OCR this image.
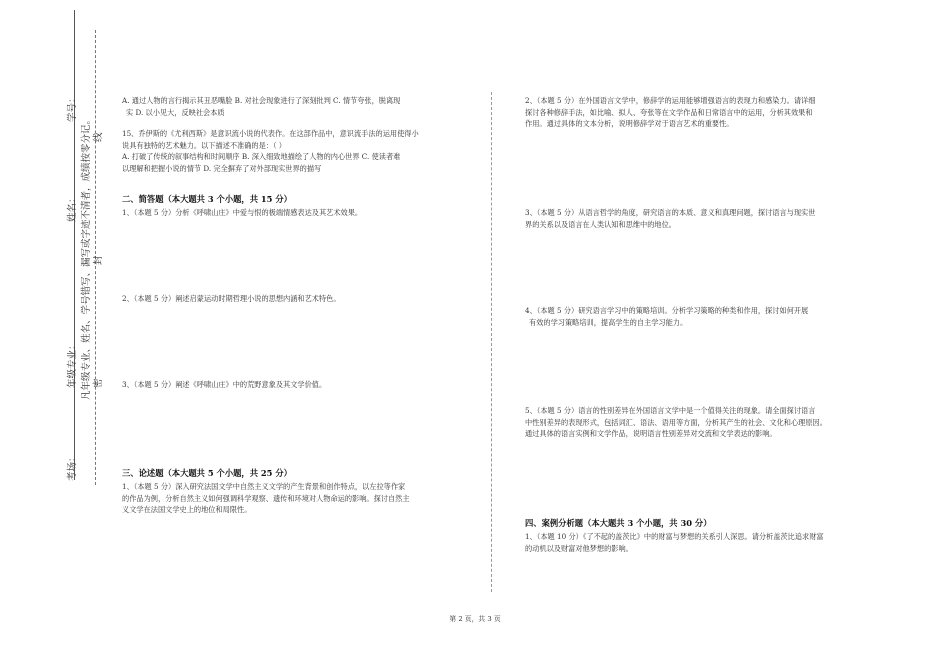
学号：
姓名：
年级专业：
考场：
凡年级专业、姓名、学号错写、漏写或字迹不清者，成绩按零分记。 线
封
密

A. 通过人物的言行揭示其丑恶嘴脸 B. 对社会现象进行了深刻批判 C. 情节夸张，脱离现

实 D. 以小见大，反映社会本质

15、乔伊斯的《尤利西斯》是意识流小说的代表作。在这部作品中，意识流手法的运用使得小

说具有独特的艺术魅力。以下描述不准确的是：（ ）

A. 打破了传统的叙事结构和时间顺序 B. 深入细致地描绘了人物的内心世界 C. 使读者难

以理解和把握小说的情节 D. 完全摒弃了对外部现实世界的描写

二、简答题（本大题共 3 个小题，共 15 分）
1、（本题 5 分）分析《呼啸山庄》中爱与恨的极端情感表达及其艺术效果。
2、（本题 5 分）阐述启蒙运动时期哲理小说的思想内涵和艺术特色。
3、（本题 5 分）阐述《呼啸山庄》中的荒野意象及其文学价值。
三、论述题（本大题共 5 个小题，共 25 分）

1、（本题 5 分）深入研究法国文学中自然主义文学的产生背景和创作特点，以左拉等作家

的作品为例，分析自然主义如何强调科学观察、遗传和环境对人物命运的影响。探讨自然主

义文学在法国文学史上的地位和局限性。

2、（本题 5 分）在外国语言文学中，修辞学的运用能够增强语言的表现力和感染力。请详细

探讨各种修辞手法，如比喻、拟人、夸张等在文学作品和日常语言中的运用，分析其效果和

作用。通过具体的文本分析，说明修辞学对于语言艺术的重要性。

3、（本题 5 分）从语言哲学的角度，研究语言的本质、意义和真理问题，探讨语言与现实世

界的关系以及语言在人类认知和思维中的地位。

4、（本题 5 分）研究语言学习中的策略培训。分析学习策略的种类和作用，探讨如何开展

有效的学习策略培训，提高学生的自主学习能力。

5、（本题 5 分）语言的性别差异在外国语言文学中是一个值得关注的现象。请全面探讨语言

中性别差异的表现形式，包括词汇、语法、语用等方面，分析其产生的社会、文化和心理原因。

通过具体的语言实例和文学作品，说明语言性别差异对交流和文学表达的影响。

四、案例分析题（本大题共 3 个小题，共 30 分）

1、（本题 10 分）《了不起的盖茨比》中的财富与梦想的关系引人深思。请分析盖茨比追求财富

的动机以及财富对他梦想的影响。

第 2 页，共 3 页
